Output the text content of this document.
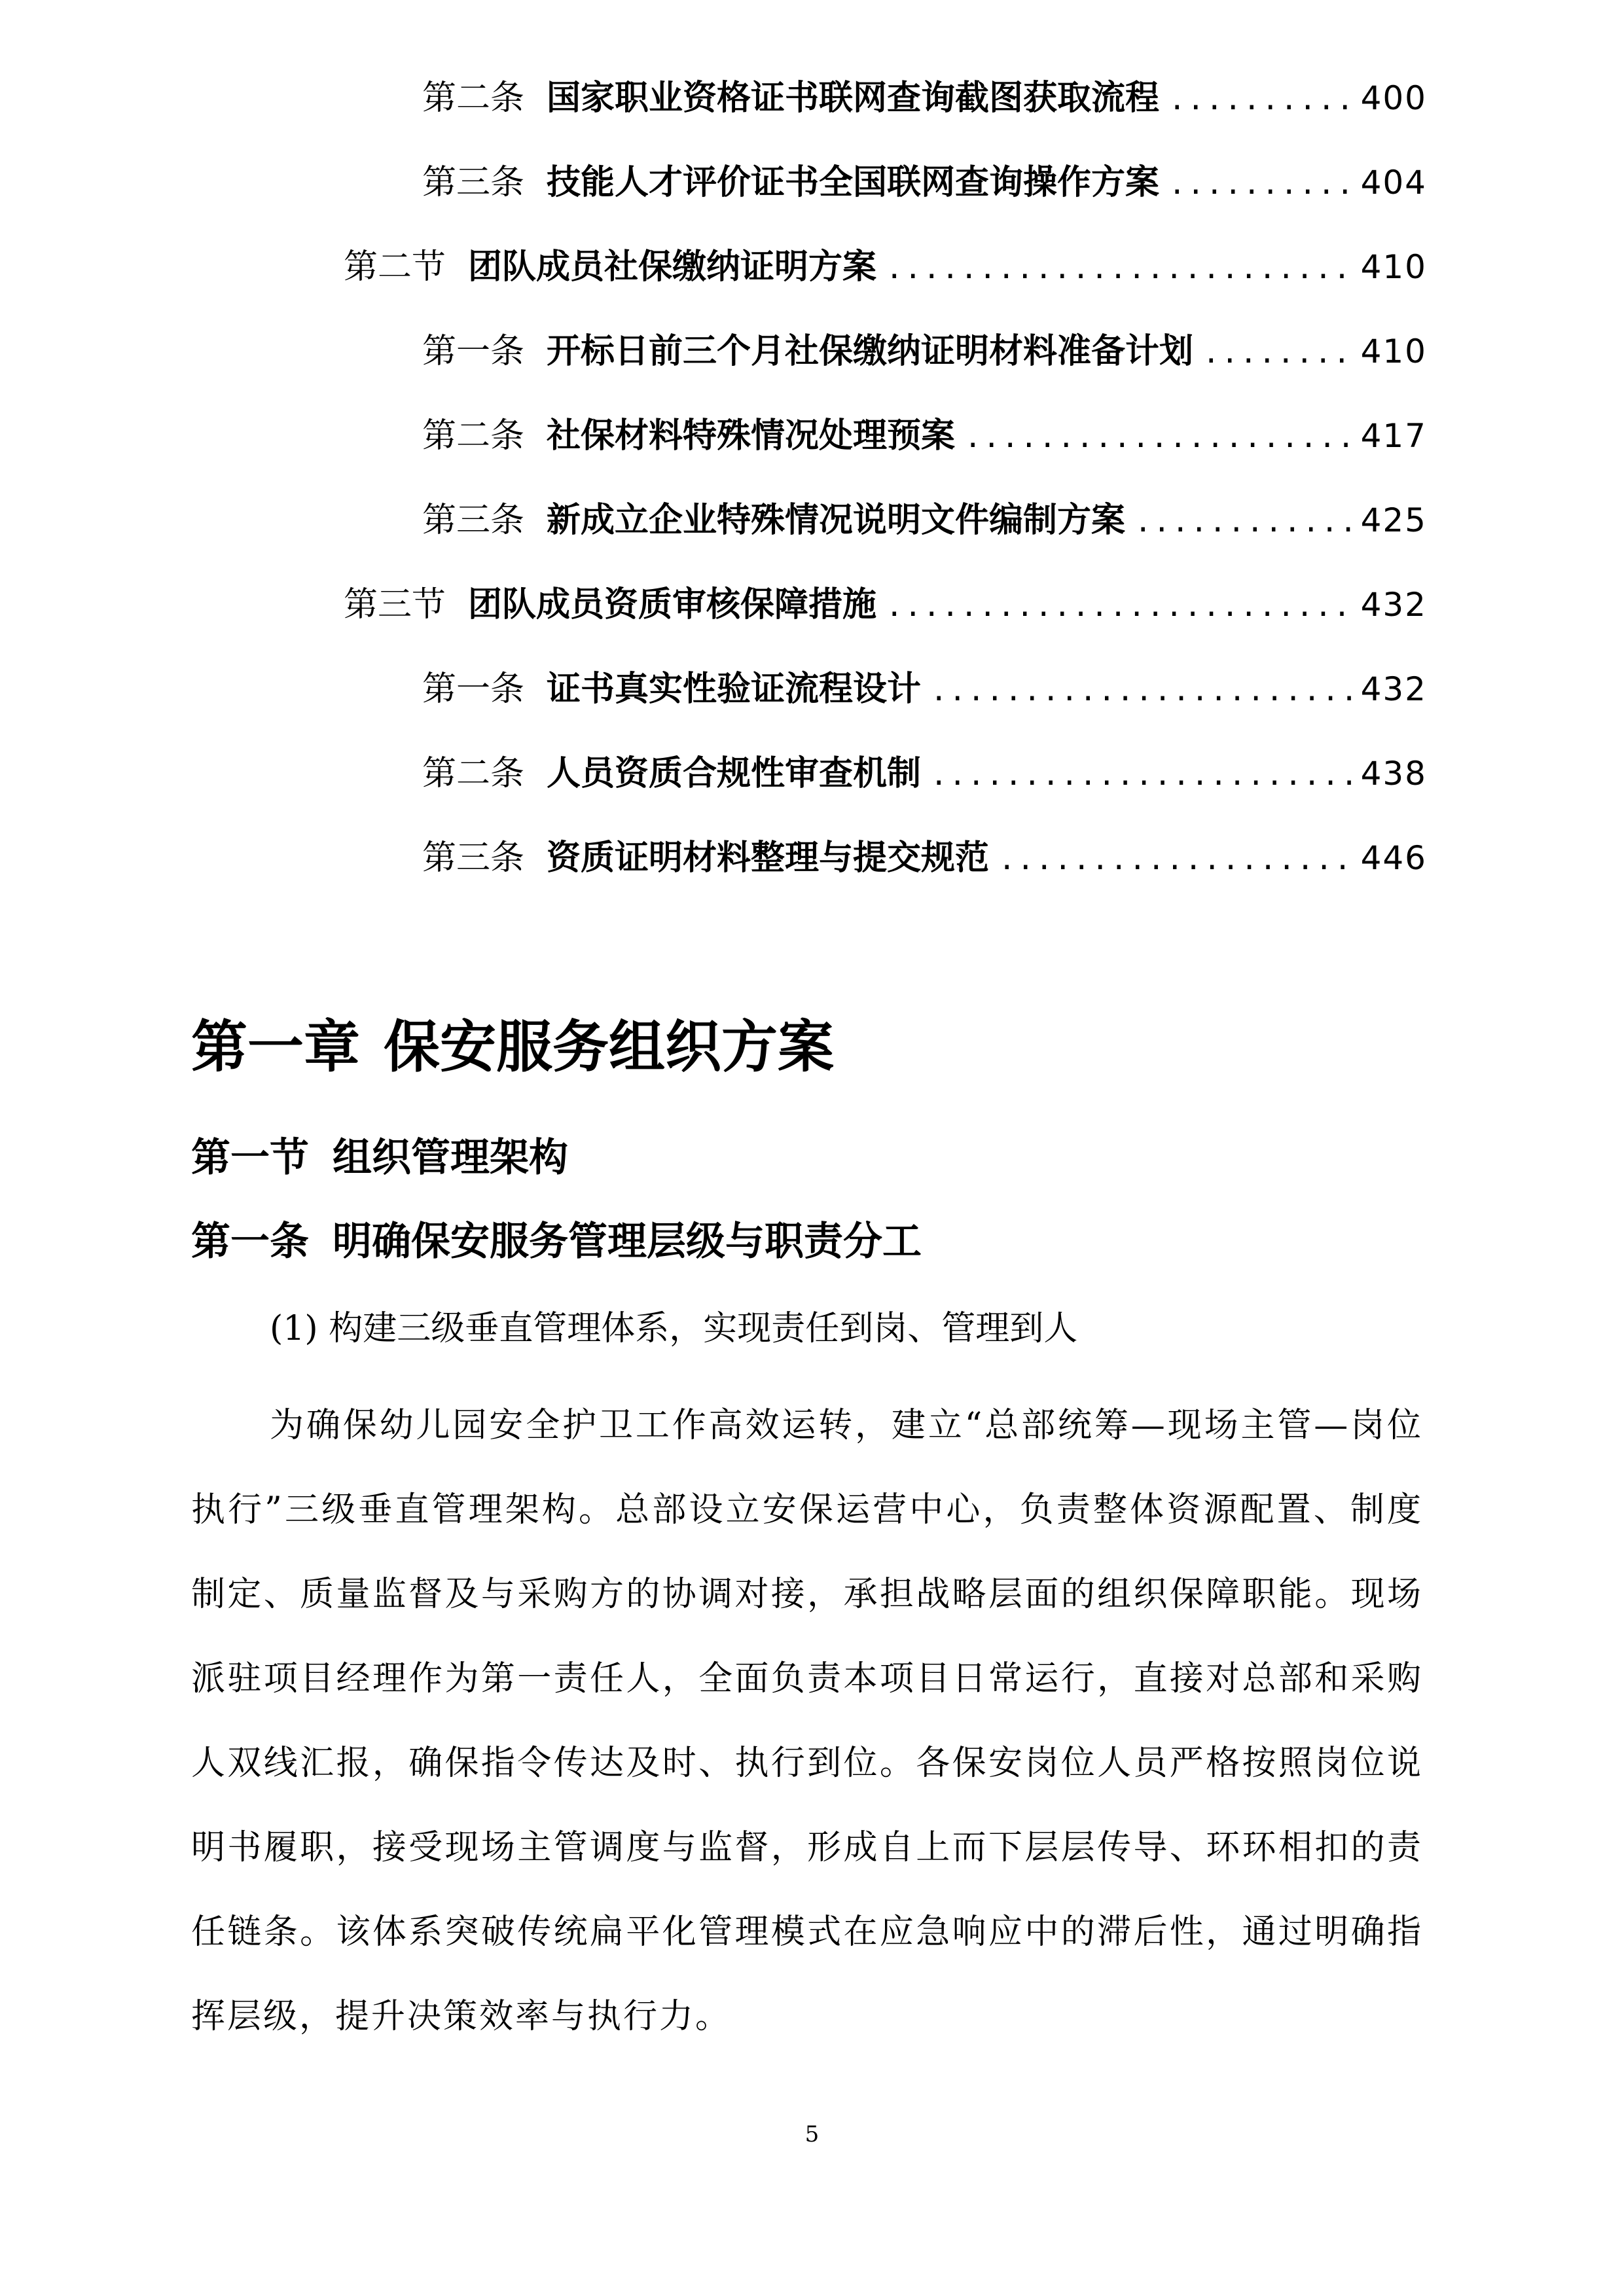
第二条 国家职业资格证书联网查询截图获取流程 .....	400
第三条 技能人才评价证书全国联网查询操作方案 .....	404
第二节 团队成员社保缴纳证明方案 .....	410
第一条 开标日前三个月社保缴纳证明材料准备计划 .....	410
第二条 社保材料特殊情况处理预案 .....	417
第三条 新成立企业特殊情况说明文件编制方案 .....	425
第三节 团队成员资质审核保障措施 .....	432
第一条 证书真实性验证流程设计 .....	432
第二条 人员资质合规性审查机制 .....	438
第三条 资质证明材料整理与提交规范 .....	446
第一章 保安服务组织方案
第一节 组织管理架构
第一条 明确保安服务管理层级与职责分工

(1) 构建三级垂直管理体系，实现责任到岗、管理到人

为确保幼儿园安全护卫工作高效运转，建立“总部统筹—现场主管—岗位执行”三级垂直管理架构。总部设立安保运营中心，负责整体资源配置、制度制定、质量监督及与采购方的协调对接，承担战略层面的组织保障职能。现场派驻项目经理作为第一责任人，全面负责本项目日常运行，直接对总部和采购人双线汇报，确保指令传达及时、执行到位。各保安岗位人员严格按照岗位说明书履职，接受现场主管调度与监督，形成自上而下层层传导、环环相扣的责任链条。该体系突破传统扁平化管理模式在应急响应中的滞后性，通过明确指挥层级，提升决策效率与执行力。

5
